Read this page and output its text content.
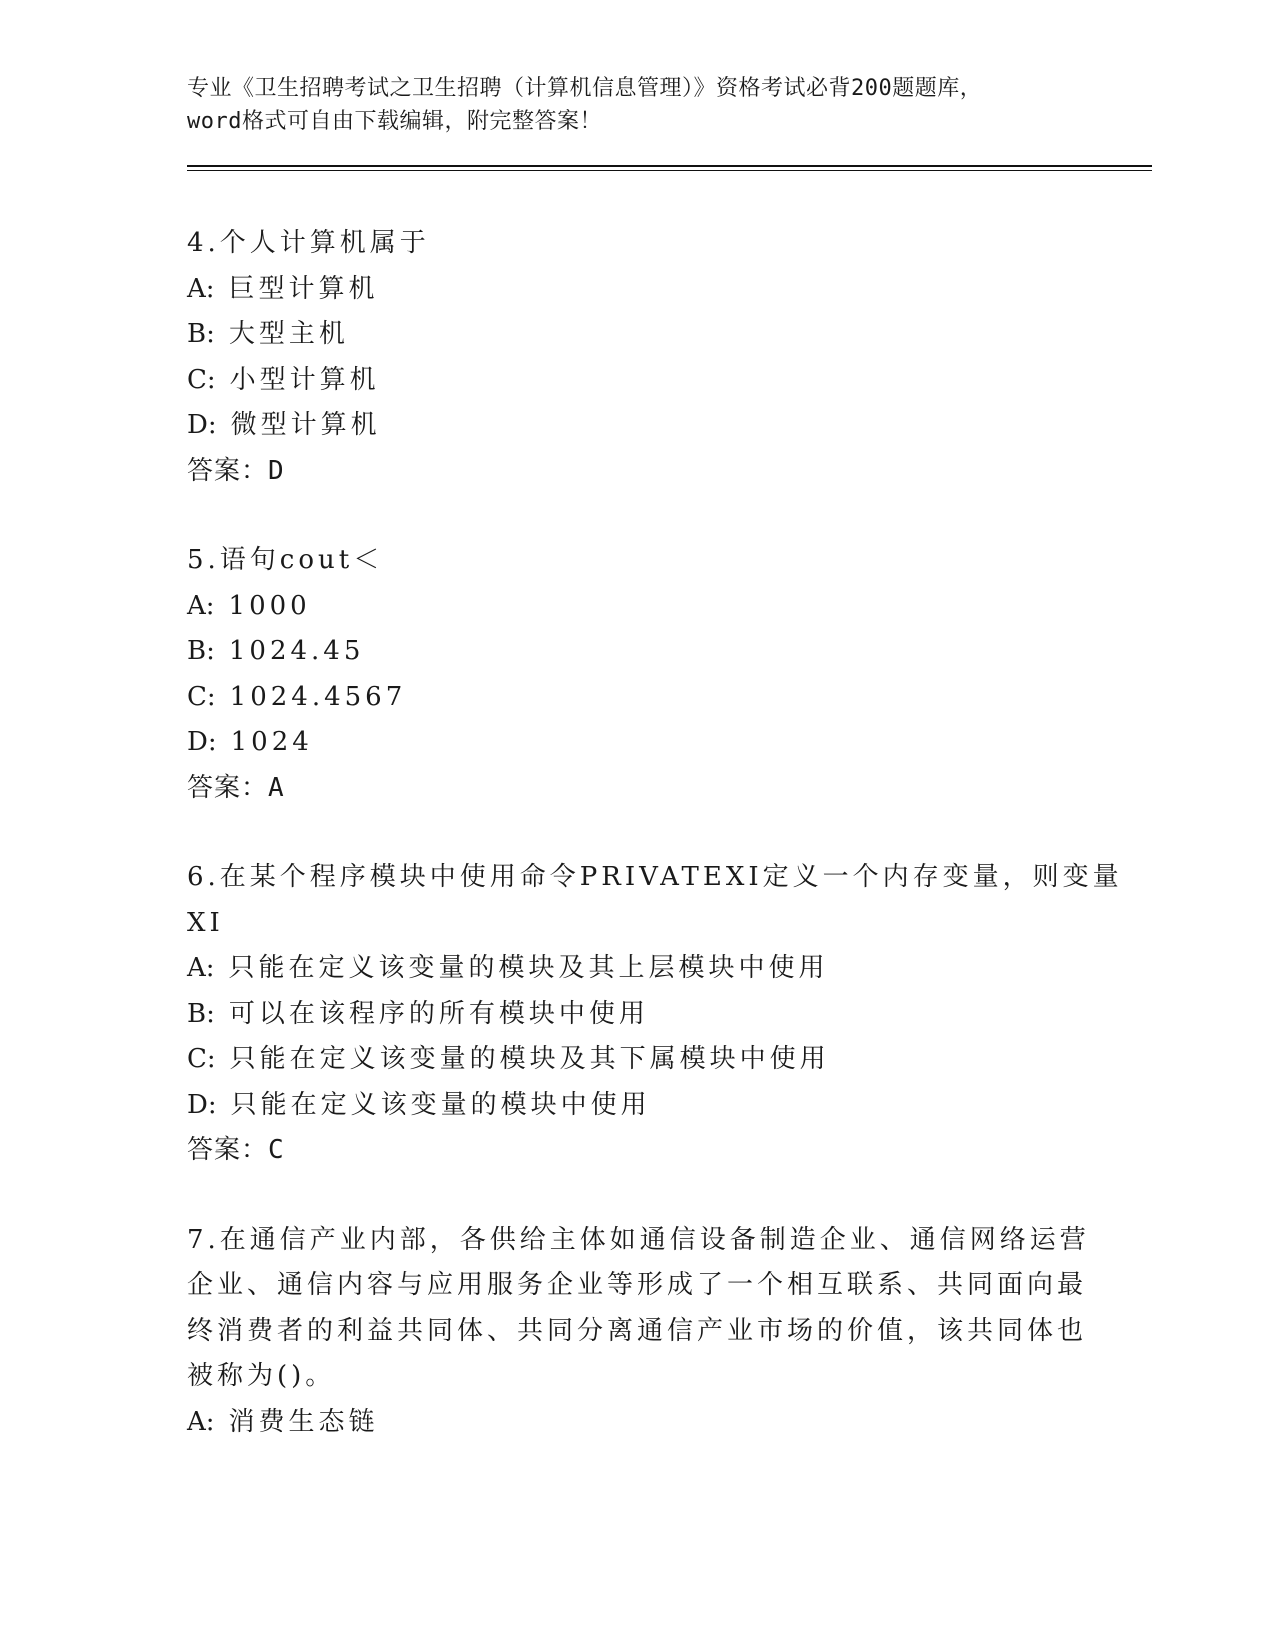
专业《卫生招聘考试之卫生招聘（计算机信息管理）》资格考试必背200题题库，
word格式可自由下载编辑，附完整答案！
4.个人计算机属于
A: 巨型计算机
B: 大型主机
C: 小型计算机
D: 微型计算机
答案：D
5.语句cout＜
A: 1000
B: 1024.45
C: 1024.4567
D: 1024
答案：A
6.在某个程序模块中使用命令PRIVATEXI定义一个内存变量，则变量
XI
A: 只能在定义该变量的模块及其上层模块中使用
B: 可以在该程序的所有模块中使用
C: 只能在定义该变量的模块及其下属模块中使用
D: 只能在定义该变量的模块中使用
答案：C
7.在通信产业内部，各供给主体如通信设备制造企业、通信网络运营
企业、通信内容与应用服务企业等形成了一个相互联系、共同面向最
终消费者的利益共同体、共同分离通信产业市场的价值，该共同体也
被称为()。
A: 消费生态链
